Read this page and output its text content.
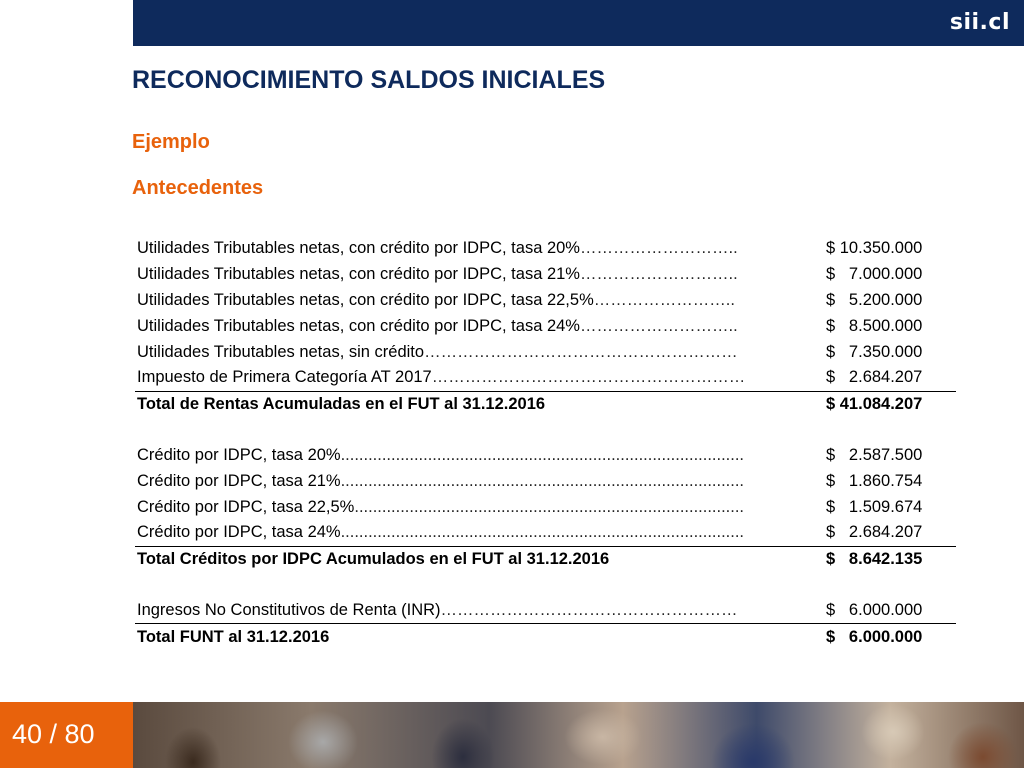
sii.cl
RECONOCIMIENTO SALDOS INICIALES
Ejemplo
Antecedentes
Utilidades Tributables netas, con crédito por IDPC, tasa 20%………………………..	$ 10.350.000
Utilidades Tributables netas, con crédito por IDPC, tasa 21%………………………..	$   7.000.000
Utilidades Tributables netas, con crédito por IDPC, tasa 22,5%……………………..	$   5.200.000
Utilidades Tributables netas, con crédito por IDPC, tasa 24%………………………..	$   8.500.000
Utilidades Tributables netas, sin crédito…………………………………………………	$   7.350.000
Impuesto de Primera Categoría AT 2017…………………………………………………	$   2.684.207
Total de Rentas Acumuladas en el FUT al 31.12.2016	$ 41.084.207

Crédito por IDPC, tasa 20%........................................................................................	$   2.587.500
Crédito por IDPC, tasa 21%........................................................................................	$   1.860.754
Crédito por IDPC, tasa 22,5%.....................................................................................	$   1.509.674
Crédito por IDPC, tasa 24%........................................................................................	$   2.684.207
Total Créditos por IDPC Acumulados en el FUT al 31.12.2016	$   8.642.135

Ingresos No Constitutivos de Renta (INR)………………………………………………	$   6.000.000
Total FUNT al 31.12.2016	$   6.000.000
40 / 80
